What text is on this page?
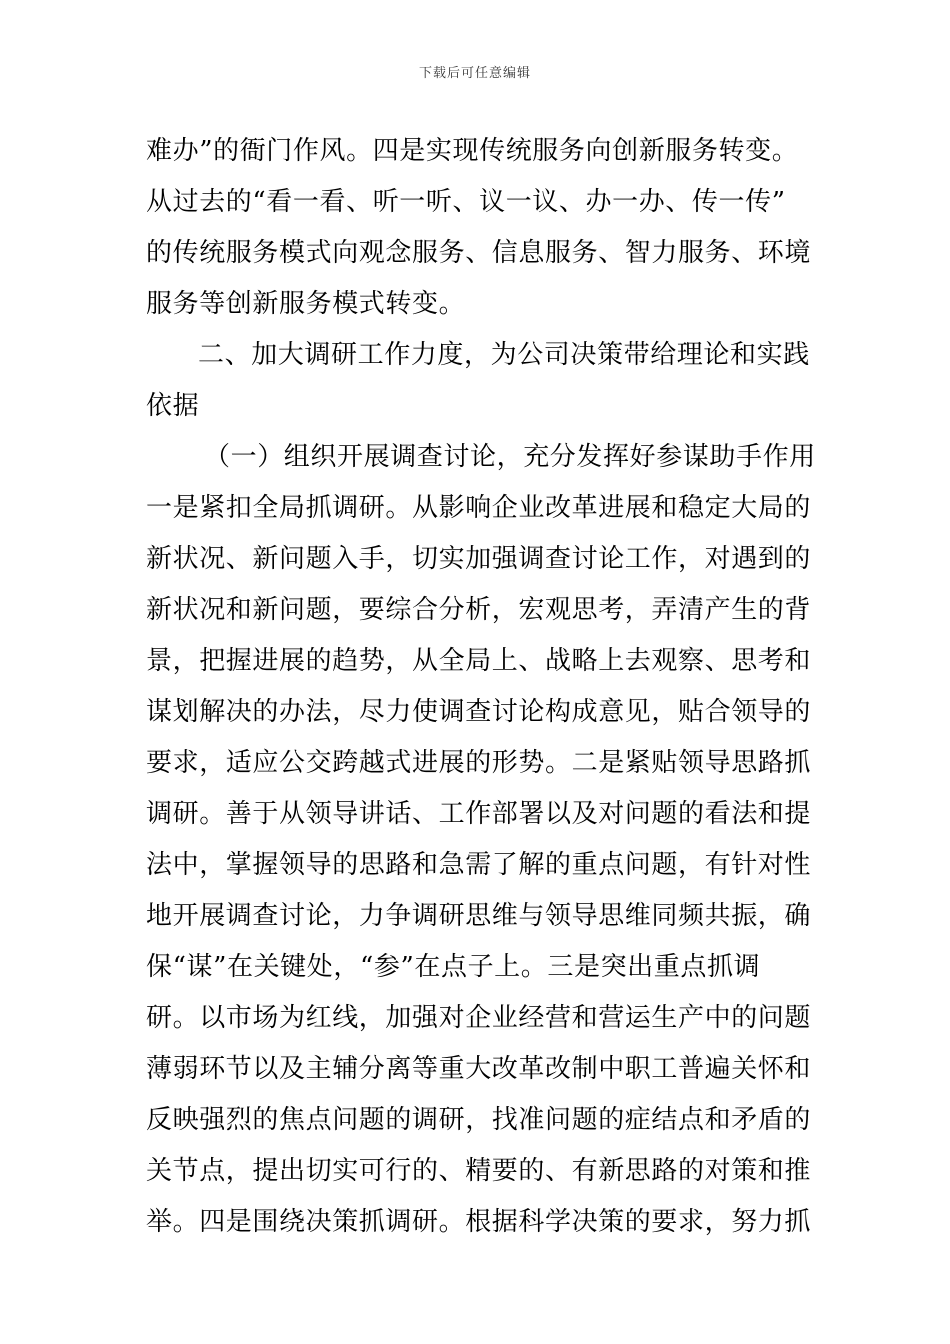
下载后可任意编辑
难办”的衙门作风。四是实现传统服务向创新服务转变。
从过去的“看一看、听一听、议一议、办一办、传一传”
的传统服务模式向观念服务、信息服务、智力服务、环境
服务等创新服务模式转变。
二、加大调研工作力度，为公司决策带给理论和实践
依据
（一）组织开展调查讨论，充分发挥好参谋助手作用
一是紧扣全局抓调研。从影响企业改革进展和稳定大局的
新状况、新问题入手，切实加强调查讨论工作，对遇到的
新状况和新问题，要综合分析，宏观思考，弄清产生的背
景，把握进展的趋势，从全局上、战略上去观察、思考和
谋划解决的办法，尽力使调查讨论构成意见，贴合领导的
要求，适应公交跨越式进展的形势。二是紧贴领导思路抓
调研。善于从领导讲话、工作部署以及对问题的看法和提
法中，掌握领导的思路和急需了解的重点问题，有针对性
地开展调查讨论，力争调研思维与领导思维同频共振，确
保“谋”在关键处，“参”在点子上。三是突出重点抓调
研。以市场为红线，加强对企业经营和营运生产中的问题
薄弱环节以及主辅分离等重大改革改制中职工普遍关怀和
反映强烈的焦点问题的调研，找准问题的症结点和矛盾的
关节点，提出切实可行的、精要的、有新思路的对策和推
举。四是围绕决策抓调研。根据科学决策的要求，努力抓
